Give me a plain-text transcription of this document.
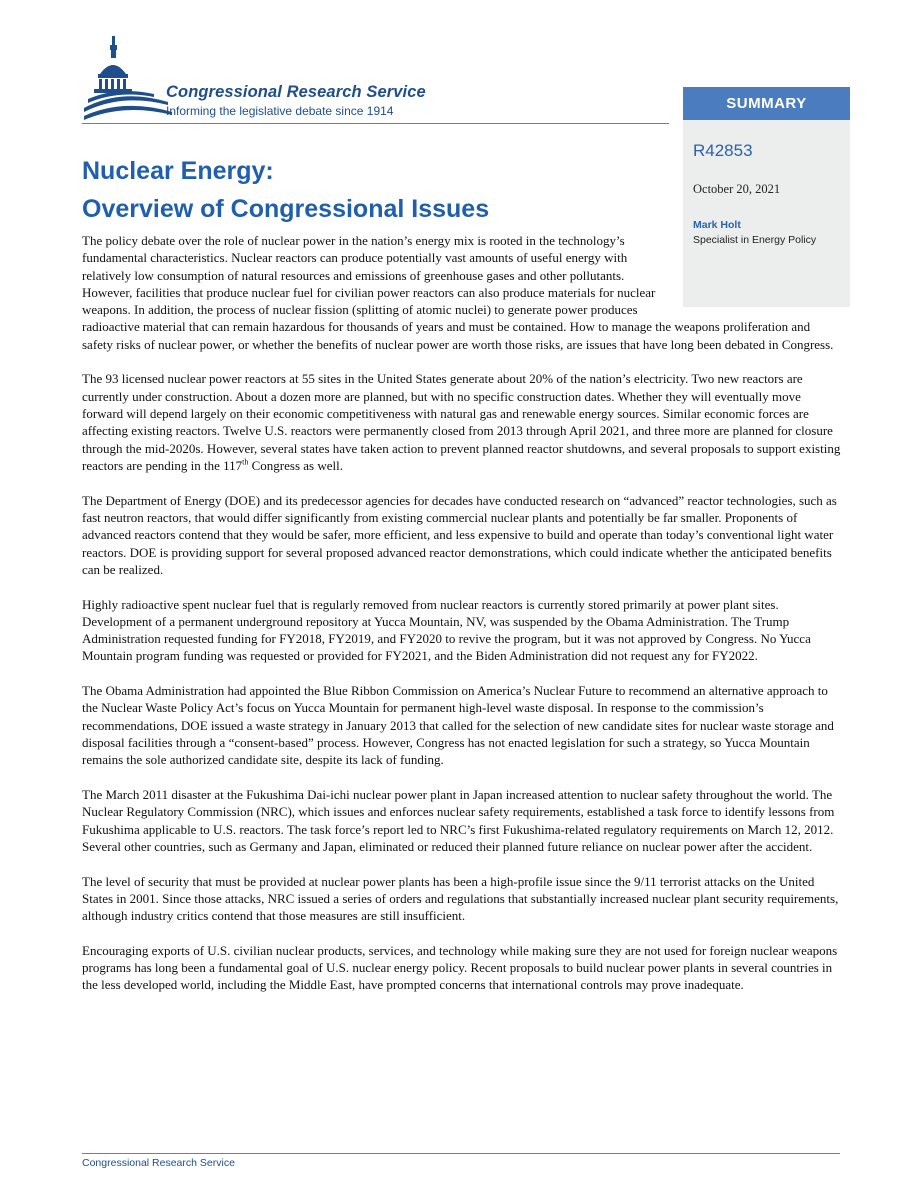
Congressional Research Service
Informing the legislative debate since 1914	SUMMARY
R42853
October 20, 2021
Mark Holt
Specialist in Energy Policy
Nuclear Energy:
Overview of Congressional Issues

The policy debate over the role of nuclear power in the nation’s energy mix is rooted in the technology’s fundamental characteristics. Nuclear reactors can produce potentially vast amounts of useful energy with relatively low consumption of natural resources and emissions of greenhouse gases and other pollutants. However, facilities that produce nuclear fuel for civilian power reactors can also produce materials for nuclear weapons. In addition, the process of nuclear fission (splitting of atomic nuclei) to generate power produces radioactive material that can remain hazardous for thousands of years and must be contained. How to manage the weapons proliferation and safety risks of nuclear power, or whether the benefits of nuclear power are worth those risks, are issues that have long been debated in Congress.

The 93 licensed nuclear power reactors at 55 sites in the United States generate about 20% of the nation’s electricity. Two new reactors are currently under construction. About a dozen more are planned, but with no specific construction dates. Whether they will eventually move forward will depend largely on their economic competitiveness with natural gas and renewable energy sources. Similar economic forces are affecting existing reactors. Twelve U.S. reactors were permanently closed from 2013 through April 2021, and three more are planned for closure through the mid-2020s. However, several states have taken action to prevent planned reactor shutdowns, and several proposals to support existing reactors are pending in the 117th Congress as well.

The Department of Energy (DOE) and its predecessor agencies for decades have conducted research on “advanced” reactor technologies, such as fast neutron reactors, that would differ significantly from existing commercial nuclear plants and potentially be far smaller. Proponents of advanced reactors contend that they would be safer, more efficient, and less expensive to build and operate than today’s conventional light water reactors. DOE is providing support for several proposed advanced reactor demonstrations, which could indicate whether the anticipated benefits can be realized.

Highly radioactive spent nuclear fuel that is regularly removed from nuclear reactors is currently stored primarily at power plant sites. Development of a permanent underground repository at Yucca Mountain, NV, was suspended by the Obama Administration. The Trump Administration requested funding for FY2018, FY2019, and FY2020 to revive the program, but it was not approved by Congress. No Yucca Mountain program funding was requested or provided for FY2021, and the Biden Administration did not request any for FY2022.

The Obama Administration had appointed the Blue Ribbon Commission on America’s Nuclear Future to recommend an alternative approach to the Nuclear Waste Policy Act’s focus on Yucca Mountain for permanent high-level waste disposal. In response to the commission’s recommendations, DOE issued a waste strategy in January 2013 that called for the selection of new candidate sites for nuclear waste storage and disposal facilities through a “consent-based” process. However, Congress has not enacted legislation for such a strategy, so Yucca Mountain remains the sole authorized candidate site, despite its lack of funding.

The March 2011 disaster at the Fukushima Dai-ichi nuclear power plant in Japan increased attention to nuclear safety throughout the world. The Nuclear Regulatory Commission (NRC), which issues and enforces nuclear safety requirements, established a task force to identify lessons from Fukushima applicable to U.S. reactors. The task force’s report led to NRC’s first Fukushima-related regulatory requirements on March 12, 2012. Several other countries, such as Germany and Japan, eliminated or reduced their planned future reliance on nuclear power after the accident.

The level of security that must be provided at nuclear power plants has been a high-profile issue since the 9/11 terrorist attacks on the United States in 2001. Since those attacks, NRC issued a series of orders and regulations that substantially increased nuclear plant security requirements, although industry critics contend that those measures are still insufficient.

Encouraging exports of U.S. civilian nuclear products, services, and technology while making sure they are not used for foreign nuclear weapons programs has long been a fundamental goal of U.S. nuclear energy policy. Recent proposals to build nuclear power plants in several countries in the less developed world, including the Middle East, have prompted concerns that international controls may prove inadequate.

Congressional Research Service
